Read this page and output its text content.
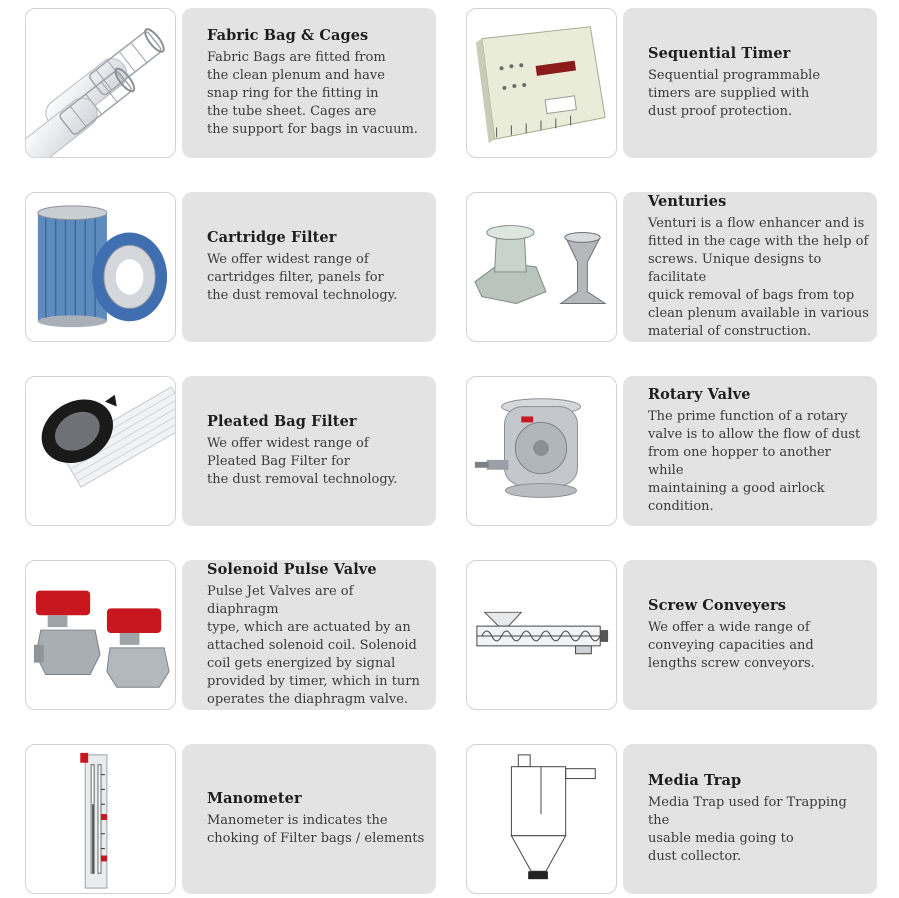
Fabric Bag & Cages
Fabric Bags are fitted from
the clean plenum and have
snap ring for the fitting in
the tube sheet. Cages are
the support for bags in vacuum.
Sequential Timer
Sequential programmable
timers are supplied with
dust proof protection.
Cartridge Filter
We offer widest range of
cartridges filter, panels for
the dust removal technology.
Venturies
Venturi is a flow enhancer and is
fitted in the cage with the help of
screws. Unique designs to facilitate
quick removal of bags from top
clean plenum available in various
material of construction.
Pleated Bag Filter
We offer widest range of
Pleated Bag Filter for
the dust removal technology.
Rotary Valve
The prime function of a rotary
valve is to allow the flow of dust
from one hopper to another while
maintaining a good airlock
condition.
Solenoid Pulse Valve
Pulse Jet Valves are of diaphragm
type, which are actuated by an
attached solenoid coil. Solenoid
coil gets energized by signal
provided by timer, which in turn
operates the diaphragm valve.
Screw Conveyers
We offer a wide range of
conveying capacities and
lengths screw conveyors.
Manometer
Manometer is indicates the
choking of Filter bags / elements
Media Trap
Media Trap used for Trapping the
usable media going to
dust collector.
